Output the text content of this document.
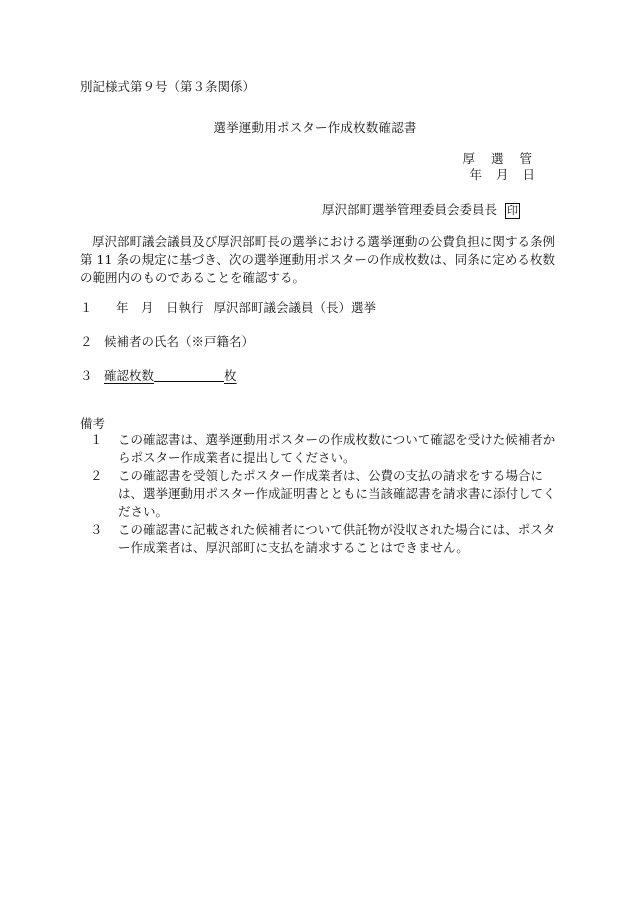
別記様式第９号（第３条関係）
選挙運動用ポスター作成枚数確認書
厚 選 管
年 月 日
厚沢部町選挙管理委員会委員長 印
厚沢部町議会議員及び厚沢部町長の選挙における選挙運動の公費負担に関する条例第 11 条の規定に基づき、次の選挙運動用ポスターの作成枚数は、同条に定める枚数の範囲内のものであることを確認する。
１ 年　月　日執行 厚沢部町議会議員（長）選挙
２ 候補者の氏名（※戸籍名）
３ 確認枚数	枚
備考
１	この確認書は、選挙運動用ポスターの作成枚数について確認を受けた候補者からポスター作成業者に提出してください。
２	この確認書を受領したポスター作成業者は、公費の支払の請求をする場合には、選挙運動用ポスター作成証明書とともに当該確認書を請求書に添付してください。
３	この確認書に記載された候補者について供託物が没収された場合には、ポスター作成業者は、厚沢部町に支払を請求することはできません。
